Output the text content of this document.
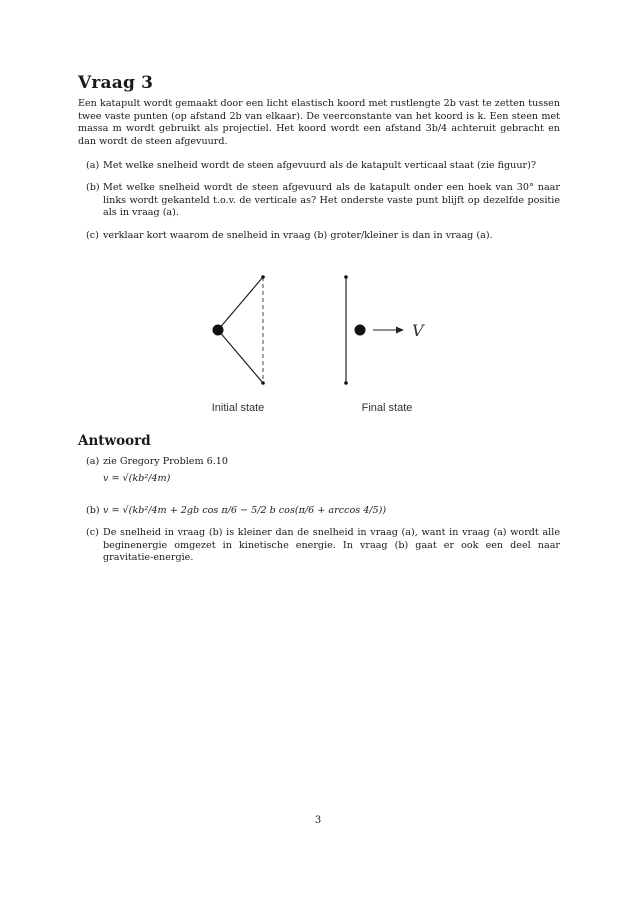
Vraag 3

Een katapult wordt gemaakt door een licht elastisch koord met rustlengte 2b vast te zetten tussen twee vaste punten (op afstand 2b van elkaar). De veerconstante van het koord is k. Een steen met massa m wordt gebruikt als projectiel. Het koord wordt een afstand 3b/4 achteruit gebracht en dan wordt de steen afgevuurd.

(a) Met welke snelheid wordt de steen afgevuurd als de katapult verticaal staat (zie figuur)?
(b) Met welke snelheid wordt de steen afgevuurd als de katapult onder een hoek van 30° naar links wordt gekanteld t.o.v. de verticale as? Het onderste vaste punt blijft op dezelfde positie als in vraag (a).
(c) verklaar kort waarom de snelheid in vraag (b) groter/kleiner is dan in vraag (a).
V
Initial state	Final state
Antwoord
(a) zie Gregory Problem 6.10
v = √(kb²/4m)
(b) v = √(kb²/4m + 2gb cos π/6 − 5/2 b cos(π/6 + arccos 4/5))
(c) De snelheid in vraag (b) is kleiner dan de snelheid in vraag (a), want in vraag (a) wordt alle beginenergie omgezet in kinetische energie. In vraag (b) gaat er ook een deel naar gravitatie-energie.

3
